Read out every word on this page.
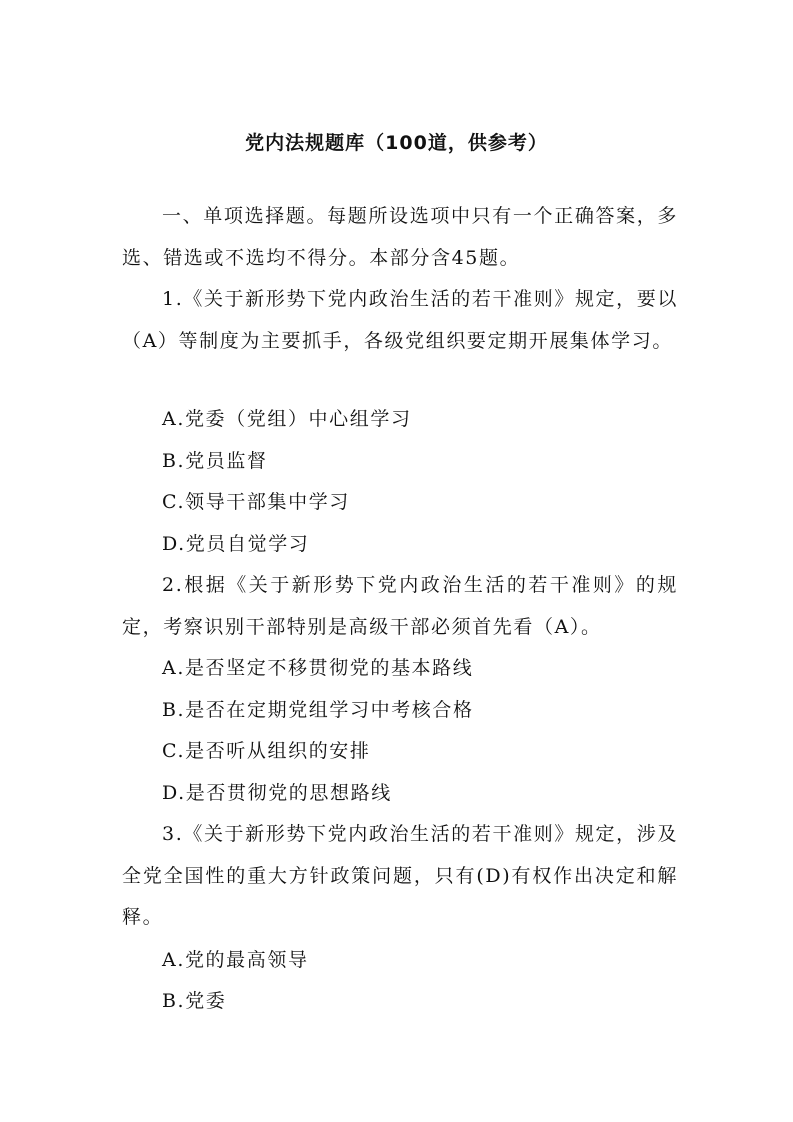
党内法规题库（100道，供参考）

一、单项选择题。每题所设选项中只有一个正确答案，多选、错选或不选均不得分。本部分含45题。

1.《关于新形势下党内政治生活的若干准则》规定，要以（A）等制度为主要抓手，各级党组织要定期开展集体学习。

A.党委（党组）中心组学习

B.党员监督

C.领导干部集中学习

D.党员自觉学习

2.根据《关于新形势下党内政治生活的若干准则》的规定，考察识别干部特别是高级干部必须首先看（A）。

A.是否坚定不移贯彻党的基本路线

B.是否在定期党组学习中考核合格

C.是否听从组织的安排

D.是否贯彻党的思想路线

3.《关于新形势下党内政治生活的若干准则》规定，涉及全党全国性的重大方针政策问题，只有(D)有权作出决定和解释。

A.党的最高领导

B.党委
